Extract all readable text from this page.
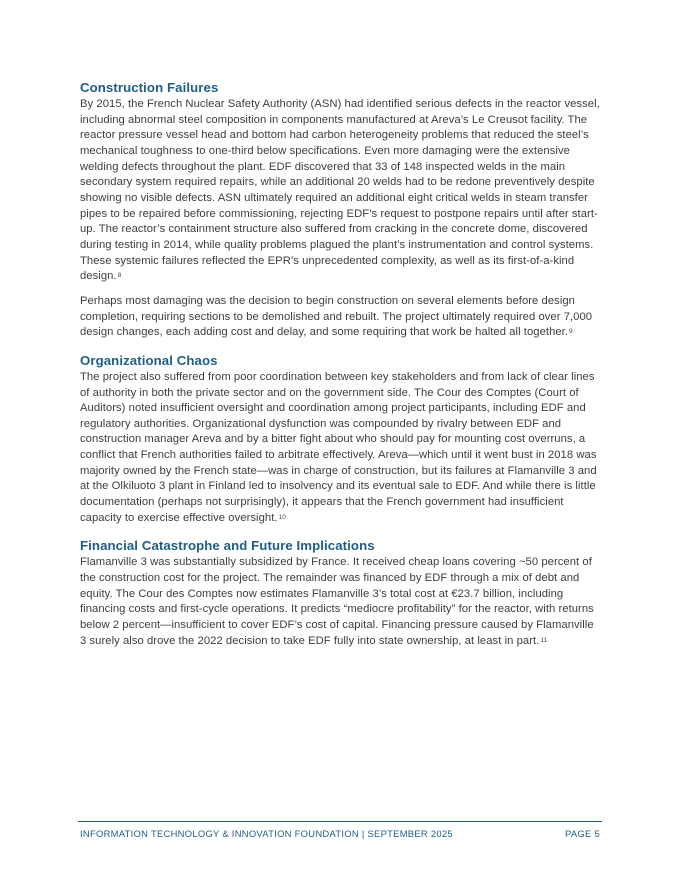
Construction Failures

By 2015, the French Nuclear Safety Authority (ASN) had identified serious defects in the reactor vessel, including abnormal steel composition in components manufactured at Areva’s Le Creusot facility. The reactor pressure vessel head and bottom had carbon heterogeneity problems that reduced the steel’s mechanical toughness to one-third below specifications. Even more damaging were the extensive welding defects throughout the plant. EDF discovered that 33 of 148 inspected welds in the main secondary system required repairs, while an additional 20 welds had to be redone preventively despite showing no visible defects. ASN ultimately required an additional eight critical welds in steam transfer pipes to be repaired before commissioning, rejecting EDF’s request to postpone repairs until after start-up. The reactor’s containment structure also suffered from cracking in the concrete dome, discovered during testing in 2014, while quality problems plagued the plant’s instrumentation and control systems. These systemic failures reflected the EPR’s unprecedented complexity, as well as its first-of-a-kind design.$^8$

Perhaps most damaging was the decision to begin construction on several elements before design completion, requiring sections to be demolished and rebuilt. The project ultimately required over 7,000 design changes, each adding cost and delay, and some requiring that work be halted all together.$^9$

Organizational Chaos

The project also suffered from poor coordination between key stakeholders and from lack of clear lines of authority in both the private sector and on the government side. The Cour des Comptes (Court of Auditors) noted insufficient oversight and coordination among project participants, including EDF and regulatory authorities. Organizational dysfunction was compounded by rivalry between EDF and construction manager Areva and by a bitter fight about who should pay for mounting cost overruns, a conflict that French authorities failed to arbitrate effectively. Areva—which until it went bust in 2018 was majority owned by the French state—was in charge of construction, but its failures at Flamanville 3 and at the Olkiluoto 3 plant in Finland led to insolvency and its eventual sale to EDF. And while there is little documentation (perhaps not surprisingly), it appears that the French government had insufficient capacity to exercise effective oversight.$^{10}$

Financial Catastrophe and Future Implications

Flamanville 3 was substantially subsidized by France. It received cheap loans covering ~50 percent of the construction cost for the project. The remainder was financed by EDF through a mix of debt and equity. The Cour des Comptes now estimates Flamanville 3’s total cost at €23.7 billion, including financing costs and first-cycle operations. It predicts “mediocre profitability” for the reactor, with returns below 2 percent—insufficient to cover EDF’s cost of capital. Financing pressure caused by Flamanville 3 surely also drove the 2022 decision to take EDF fully into state ownership, at least in part.$^{11}$

INFORMATION TECHNOLOGY & INNOVATION FOUNDATION | SEPTEMBER 2025	PAGE 5
